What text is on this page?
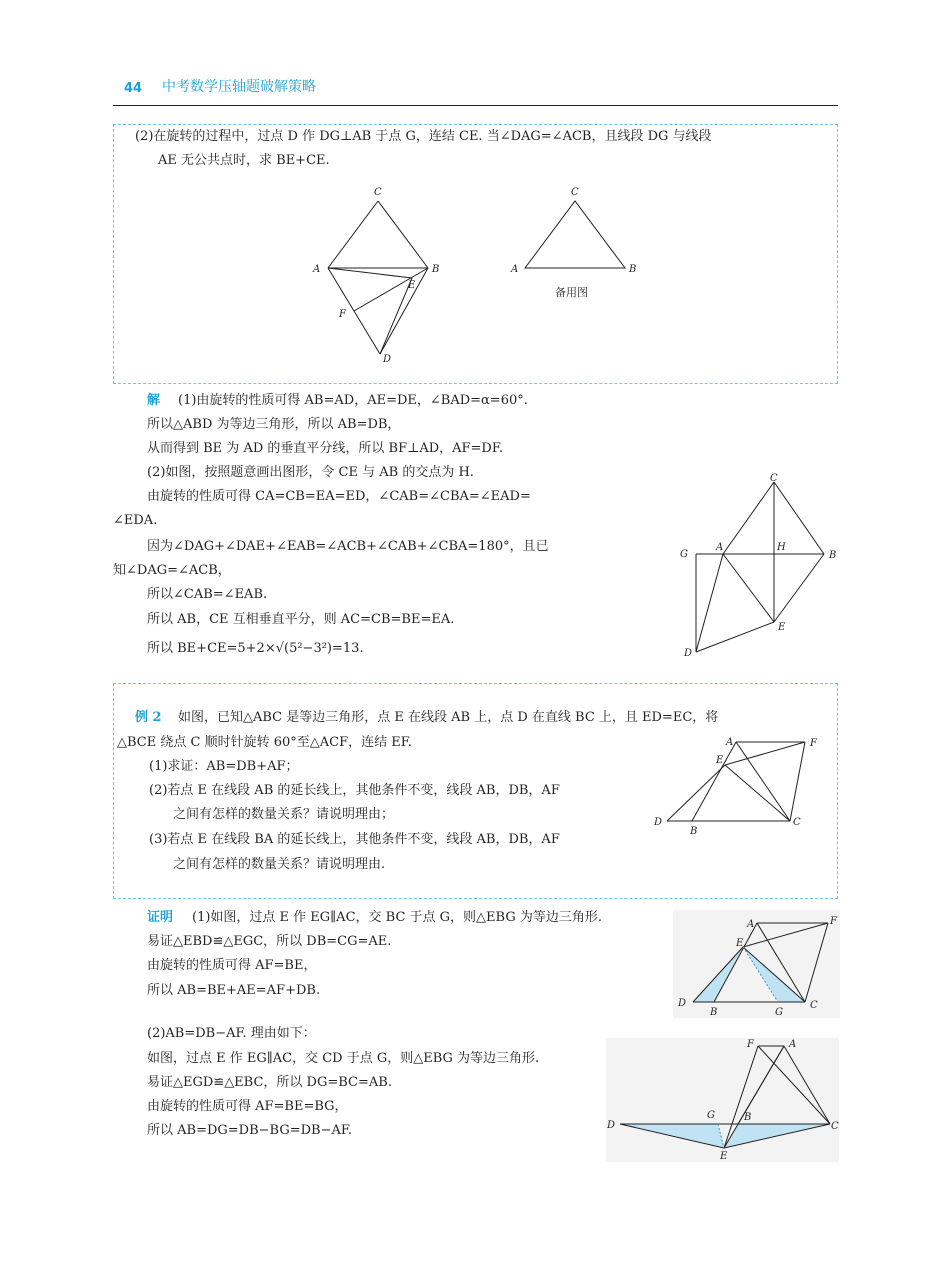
44 中考数学压轴题破解策略
(2)在旋转的过程中，过点 D 作 DG⊥AB 于点 G，连结 CE. 当∠DAG=∠ACB，且线段 DG 与线段
AE 无公共点时，求 BE+CE.
C
A	B
E
F
D
C
A	B
备用图
解 (1)由旋转的性质可得 AB=AD，AE=DE，∠BAD=α=60°.
所以△ABD 为等边三角形，所以 AB=DB，
从而得到 BE 为 AD 的垂直平分线，所以 BF⊥AD，AF=DF.
(2)如图，按照题意画出图形，令 CE 与 AB 的交点为 H.
由旋转的性质可得 CA=CB=EA=ED，∠CAB=∠CBA=∠EAD=
∠EDA.
因为∠DAG+∠DAE+∠EAB=∠ACB+∠CAB+∠CBA=180°，且已
知∠DAG=∠ACB，
所以∠CAB=∠EAB.
所以 AB，CE 互相垂直平分，则 AC=CB=BE=EA.
所以 BE+CE=5+2×√(5²−3²)=13.
C
G
A	H
B
E
D
例 2 如图，已知△ABC 是等边三角形，点 E 在线段 AB 上，点 D 在直线 BC 上，且 ED=EC，将
△BCE 绕点 C 顺时针旋转 60°至△ACF，连结 EF.
(1)求证：AB=DB+AF；
(2)若点 E 在线段 AB 的延长线上，其他条件不变，线段 AB，DB，AF
之间有怎样的数量关系？请说明理由；
(3)若点 E 在线段 BA 的延长线上，其他条件不变，线段 AB，DB，AF
之间有怎样的数量关系？请说明理由.
A	F
E
D
B
C
证明 (1)如图，过点 E 作 EG∥AC，交 BC 于点 G，则△EBG 为等边三角形.
易证△EBD≌△EGC，所以 DB=CG=AE.
由旋转的性质可得 AF=BE，
所以 AB=BE+AE=AF+DB.
(2)AB=DB−AF. 理由如下：
如图，过点 E 作 EG∥AC，交 CD 于点 G，则△EBG 为等边三角形.
易证△EGD≌△EBC，所以 DG=BC=AB.
由旋转的性质可得 AF=BE=BG，
所以 AB=DG=DB−BG=DB−AF.
A	F
E
D
B	G
C
F	A
D
G	B
C
E
